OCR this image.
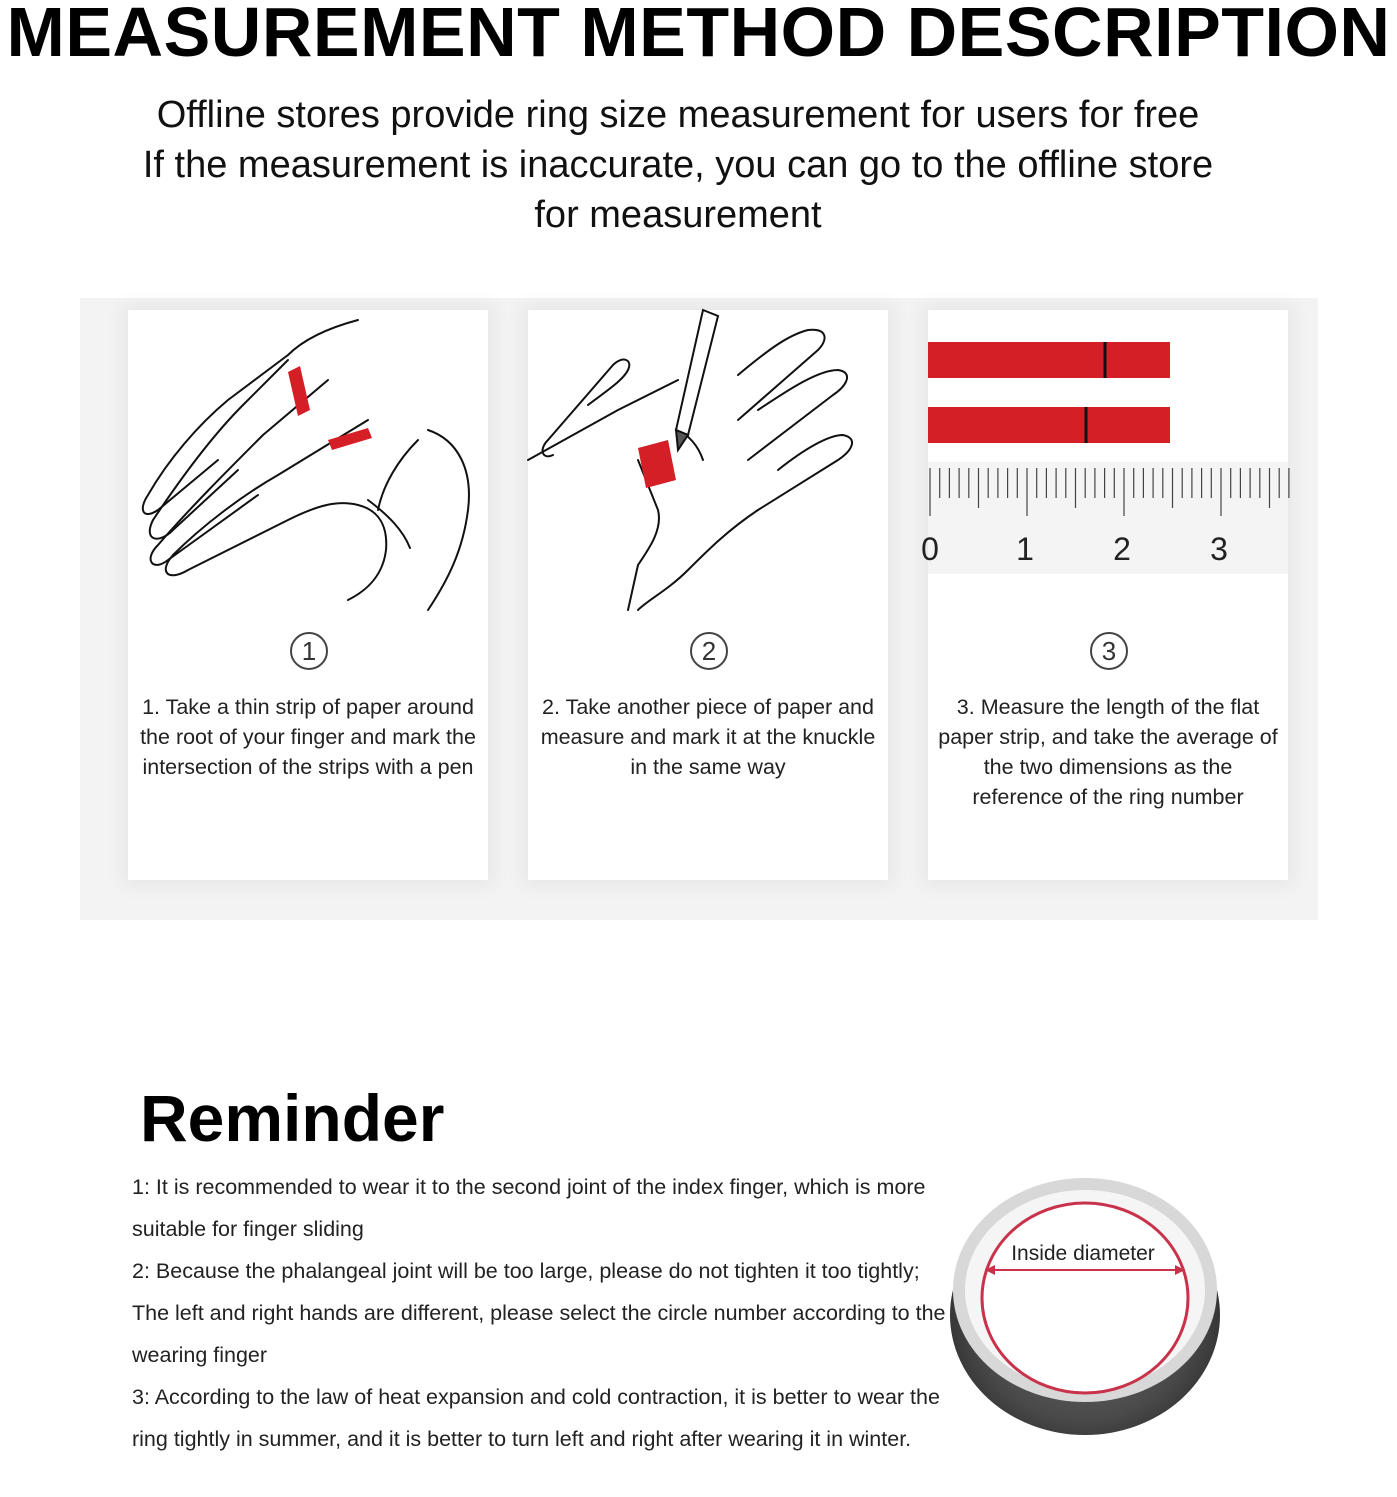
MEASUREMENT METHOD DESCRIPTION
Offline stores provide ring size measurement for users for free
If the measurement is inaccurate, you can go to the offline store
for measurement
1
1. Take a thin strip of paper around the root of your finger and mark the intersection of the strips with a pen
2
2. Take another piece of paper and measure and mark it at the knuckle in the same way
0 1 2 3
3
3. Measure the length of the flat paper strip, and take the average of the two dimensions as the reference of the ring number
Reminder

1: It is recommended to wear it to the second joint of the index finger, which is more suitable for finger sliding

2: Because the phalangeal joint will be too large, please do not tighten it too tightly; The left and right hands are different, please select the circle number according to the wearing finger

3: According to the law of heat expansion and cold contraction, it is better to wear the ring tightly in summer, and it is better to turn left and right after wearing it in winter.

Inside diameter
